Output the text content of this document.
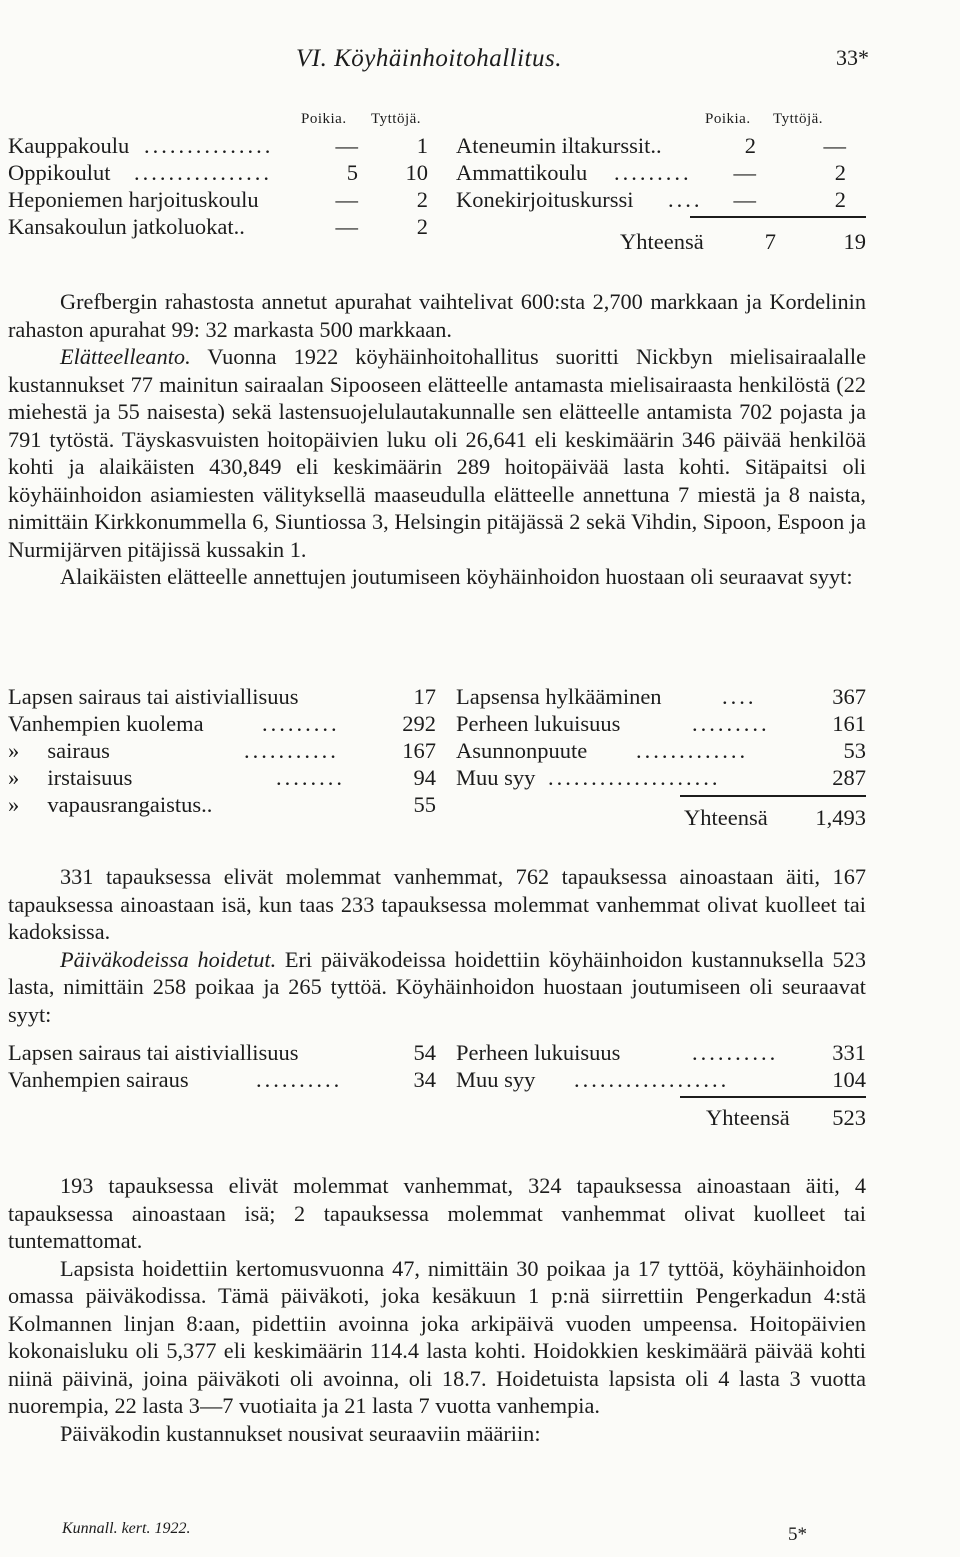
VI. Köyhäinhoitohallitus.	33*
Poikia. Tyttöjä.	Poikia. Tyttöjä.
Kauppakoulu ...............	—	1
Oppikoulut ................	5	10
Heponiemen harjoituskoulu	—	2
Kansakoulun jatkoluokat..	—	2
Ateneumin iltakurssit..	2	—
Ammattikoulu .........	—	2
Konekirjoituskurssi ....	—	2
Yhteensä	7	19

Grefbergin rahastosta annetut apurahat vaihtelivat 600:sta 2,700 markkaan ja Kordelinin rahaston apurahat 99: 32 markasta 500 markkaan.

Elätteelleanto. Vuonna 1922 köyhäinhoitohallitus suoritti Nickbyn mielisairaalalle kustannukset 77 mainitun sairaalan Sipooseen elätteelle antamasta mielisairaasta henkilöstä (22 miehestä ja 55 naisesta) sekä lastensuojelulautakunnalle sen elätteelle antamista 702 pojasta ja 791 tytöstä. Täyskasvuisten hoitopäivien luku oli 26,641 eli keskimäärin 346 päivää henkilöä kohti ja alaikäisten 430,849 eli keskimäärin 289 hoitopäivää lasta kohti. Sitäpaitsi oli köyhäinhoidon asiamiesten välityksellä maaseudulla elätteelle annettuna 7 miestä ja 8 naista, nimittäin Kirkkonummella 6, Siuntiossa 3, Helsingin pitäjässä 2 sekä Vihdin, Sipoon, Espoon ja Nurmijärven pitäjissä kussakin 1.

Alaikäisten elätteelle annettujen joutumiseen köyhäinhoidon huostaan oli seuraavat syyt:

Lapsen sairaus tai aistiviallisuus	17
Vanhempien kuolema	.........	292
»     sairaus	...........	167
»     irstaisuus	........	94
»     vapausrangaistus..	55
Lapsensa hylkääminen	....	367
Perheen lukuisuus	.........	161
Asunnonpuute .............	53
Muu syy ....................	287
Yhteensä	1,493

331 tapauksessa elivät molemmat vanhemmat, 762 tapauksessa ainoastaan äiti, 167 tapauksessa ainoastaan isä, kun taas 233 tapauksessa molemmat vanhemmat olivat kuolleet tai kadoksissa.

Päiväkodeissa hoidetut. Eri päiväkodeissa hoidettiin köyhäinhoidon kustannuksella 523 lasta, nimittäin 258 poikaa ja 265 tyttöä. Köyhäinhoidon huostaan joutumiseen oli seuraavat syyt:

Lapsen sairaus tai aistiviallisuus	54
Vanhempien sairaus	..........	34
Perheen lukuisuus	..........	331
Muu syy ..................	104
Yhteensä	523

193 tapauksessa elivät molemmat vanhemmat, 324 tapauksessa ainoastaan äiti, 4 tapauksessa ainoastaan isä; 2 tapauksessa molemmat vanhemmat olivat kuolleet tai tuntemattomat.

Lapsista hoidettiin kertomusvuonna 47, nimittäin 30 poikaa ja 17 tyttöä, köyhäinhoidon omassa päiväkodissa. Tämä päiväkoti, joka kesäkuun 1 p:nä siirrettiin Pengerkadun 4:stä Kolmannen linjan 8:aan, pidettiin avoinna joka arkipäivä vuoden umpeensa. Hoitopäivien kokonaisluku oli 5,377 eli keskimäärin 114.4 lasta kohti. Hoidokkien keskimäärä päivää kohti niinä päivinä, joina päiväkoti oli avoinna, oli 18.7. Hoidetuista lapsista oli 4 lasta 3 vuotta nuorempia, 22 lasta 3—7 vuotiaita ja 21 lasta 7 vuotta vanhempia.

Päiväkodin kustannukset nousivat seuraaviin määriin:

Kunnall. kert. 1922.	5*
